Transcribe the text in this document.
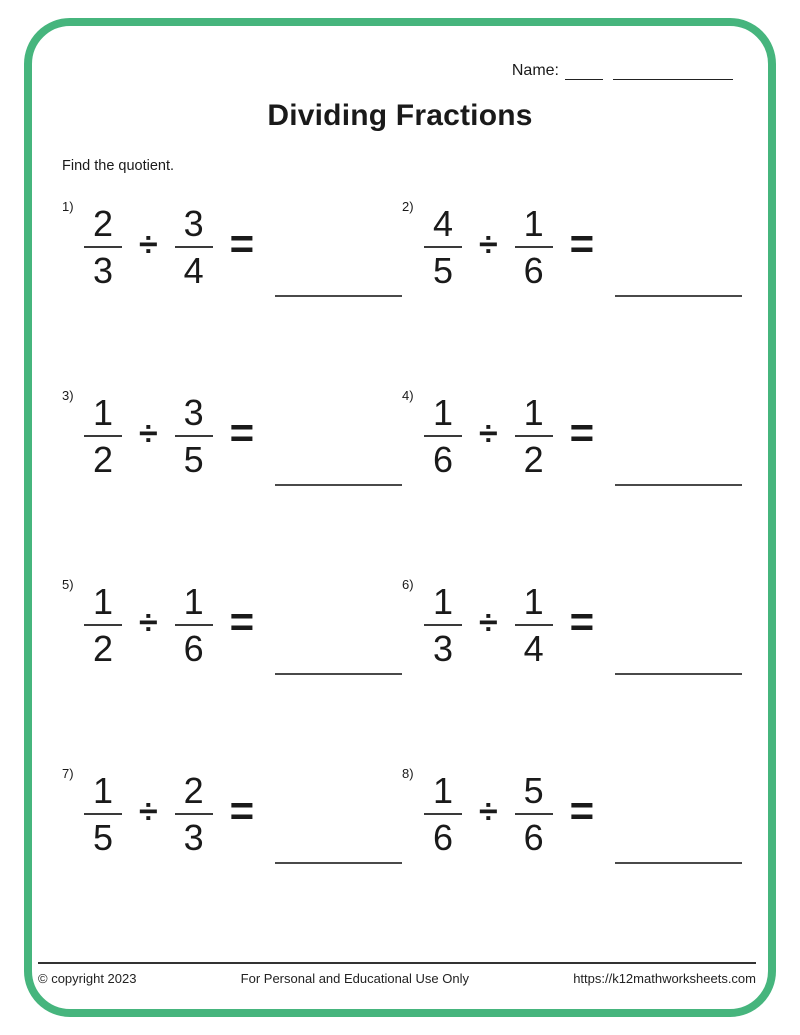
Name:
Dividing Fractions
Find the quotient.
$1) \frac{2}{3} \div \frac{3}{4}$ =
$2) \frac{4}{5} \div \frac{1}{6}$ =
$3) \frac{1}{2} \div \frac{3}{5}$ =
$4) \frac{1}{6} \div \frac{1}{2}$ =
$5) \frac{1}{2} \div \frac{1}{6}$ =
$6) \frac{1}{3} \div \frac{1}{4}$ =
$7) \frac{1}{5} \div \frac{2}{3}$ =
$8) \frac{1}{6} \div \frac{5}{6}$ =
© copyright 2023	For Personal and Educational Use Only	https://k12mathworksheets.com
